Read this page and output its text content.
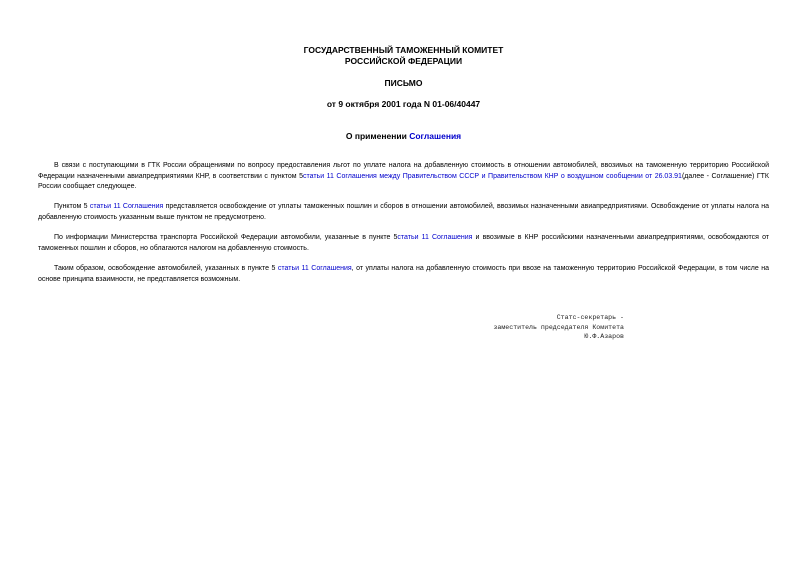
ГОСУДАРСТВЕННЫЙ ТАМОЖЕННЫЙ КОМИТЕТ
РОССИЙСКОЙ ФЕДЕРАЦИИ
ПИСЬМО
от 9 октября 2001 года N 01-06/40447
О применении Соглашения
В связи с поступающими в ГТК России обращениями по вопросу предоставления льгот по уплате налога на добавленную стоимость в отношении автомобилей, ввозимых на таможенную территорию Российской Федерации назначенными авиапредприятиями КНР, в соответствии с пунктом 5статьи 11 Соглашения между Правительством СССР и Правительством КНР о воздушном сообщении от 26.03.91(далее - Соглашение) ГТК России сообщает следующее.
Пунктом 5 статьи 11 Соглашения представляется освобождение от уплаты таможенных пошлин и сборов в отношении автомобилей, ввозимых назначенными авиапредприятиями. Освобождение от уплаты налога на добавленную стоимость указанным выше пунктом не предусмотрено.
По информации Министерства транспорта Российской Федерации автомобили, указанные в пункте 5статьи 11 Соглашения и ввозимые в КНР российскими назначенными авиапредприятиями, освобождаются от таможенных пошлин и сборов, но облагаются налогом на добавленную стоимость.
Таким образом, освобождение автомобилей, указанных в пункте 5 статьи 11 Соглашения, от уплаты налога на добавленную стоимость при ввозе на таможенную территорию Российской Федерации, в том числе на основе принципа взаимности, не представляется возможным.
Статс-секретарь -
заместитель председателя Комитета
Ю.Ф.Азаров
